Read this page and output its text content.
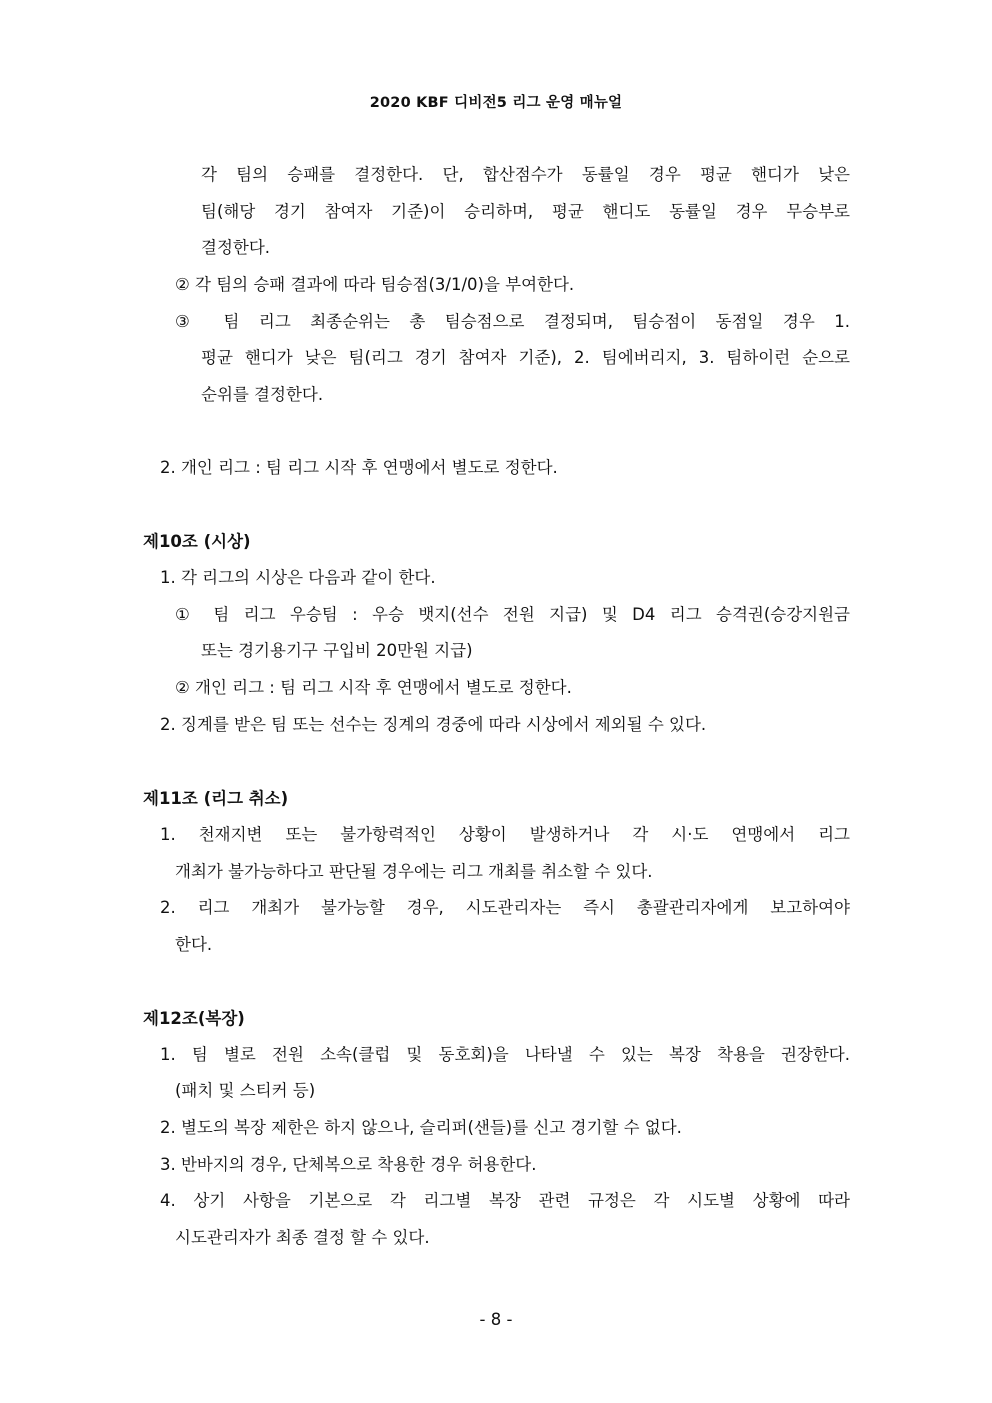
2020 KBF 디비전5 리그 운영 매뉴얼
각 팀의 승패를 결정한다. 단, 합산점수가 동률일 경우 평균 핸디가 낮은
팀(해당 경기 참여자 기준)이 승리하며, 평균 핸디도 동률일 경우 무승부로
결정한다.
② 각 팀의 승패 결과에 따라 팀승점(3/1/0)을 부여한다.
③ 팀 리그 최종순위는 총 팀승점으로 결정되며, 팀승점이 동점일 경우 1.
평균 핸디가 낮은 팀(리그 경기 참여자 기준), 2. 팀에버리지, 3. 팀하이런 순으로
순위를 결정한다.
2. 개인 리그 : 팀 리그 시작 후 연맹에서 별도로 정한다.
제10조 (시상)
1. 각 리그의 시상은 다음과 같이 한다.
① 팀 리그 우승팀 : 우승 뱃지(선수 전원 지급) 및 D4 리그 승격권(승강지원금
또는 경기용기구 구입비 20만원 지급)
② 개인 리그 : 팀 리그 시작 후 연맹에서 별도로 정한다.
2. 징계를 받은 팀 또는 선수는 징계의 경중에 따라 시상에서 제외될 수 있다.
제11조 (리그 취소)
1. 천재지변 또는 불가항력적인 상황이 발생하거나 각 시·도 연맹에서 리그
개최가 불가능하다고 판단될 경우에는 리그 개최를 취소할 수 있다.
2. 리그 개최가 불가능할 경우, 시도관리자는 즉시 총괄관리자에게 보고하여야
한다.
제12조(복장)
1. 팀 별로 전원 소속(클럽 및 동호회)을 나타낼 수 있는 복장 착용을 권장한다.
(패치 및 스티커 등)
2. 별도의 복장 제한은 하지 않으나, 슬리퍼(샌들)를 신고 경기할 수 없다.
3. 반바지의 경우, 단체복으로 착용한 경우 허용한다.
4. 상기 사항을 기본으로 각 리그별 복장 관련 규정은 각 시도별 상황에 따라
시도관리자가 최종 결정 할 수 있다.
- 8 -
